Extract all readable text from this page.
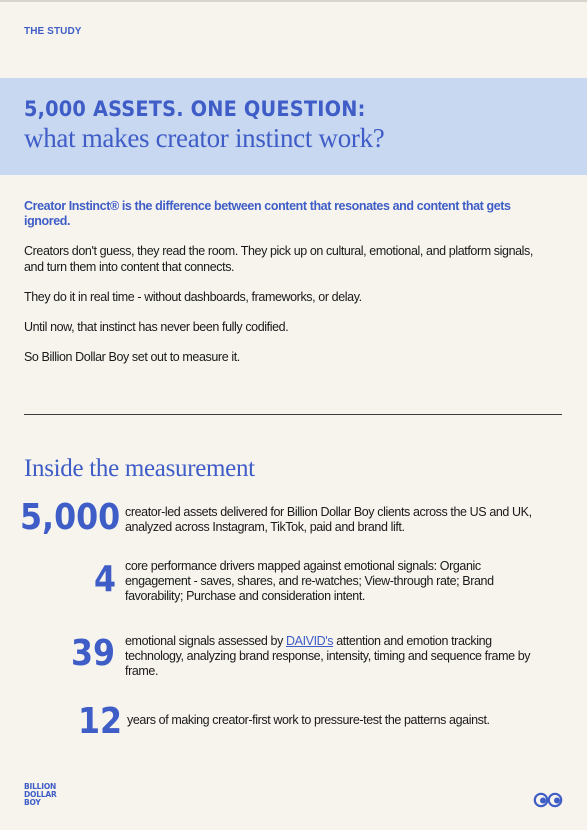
THE STUDY
5,000 ASSETS. ONE QUESTION:
what makes creator instinct work?
Creator Instinct® is the difference between content that resonates and content that gets ignored.
Creators don't guess, they read the room. They pick up on cultural, emotional, and platform signals, and turn them into content that connects.
They do it in real time - without dashboards, frameworks, or delay.
Until now, that instinct has never been fully codified.
So Billion Dollar Boy set out to measure it.
Inside the measurement
5,000 creator-led assets delivered for Billion Dollar Boy clients across the US and UK, analyzed across Instagram, TikTok, paid and brand lift.
4 core performance drivers mapped against emotional signals: Organic engagement - saves, shares, and re-watches; View-through rate; Brand favorability; Purchase and consideration intent.
39 emotional signals assessed by DAIVID's attention and emotion tracking technology, analyzing brand response, intensity, timing and sequence frame by frame.
12 years of making creator-first work to pressure-test the patterns against.
BILLION
DOLLAR
BOY
